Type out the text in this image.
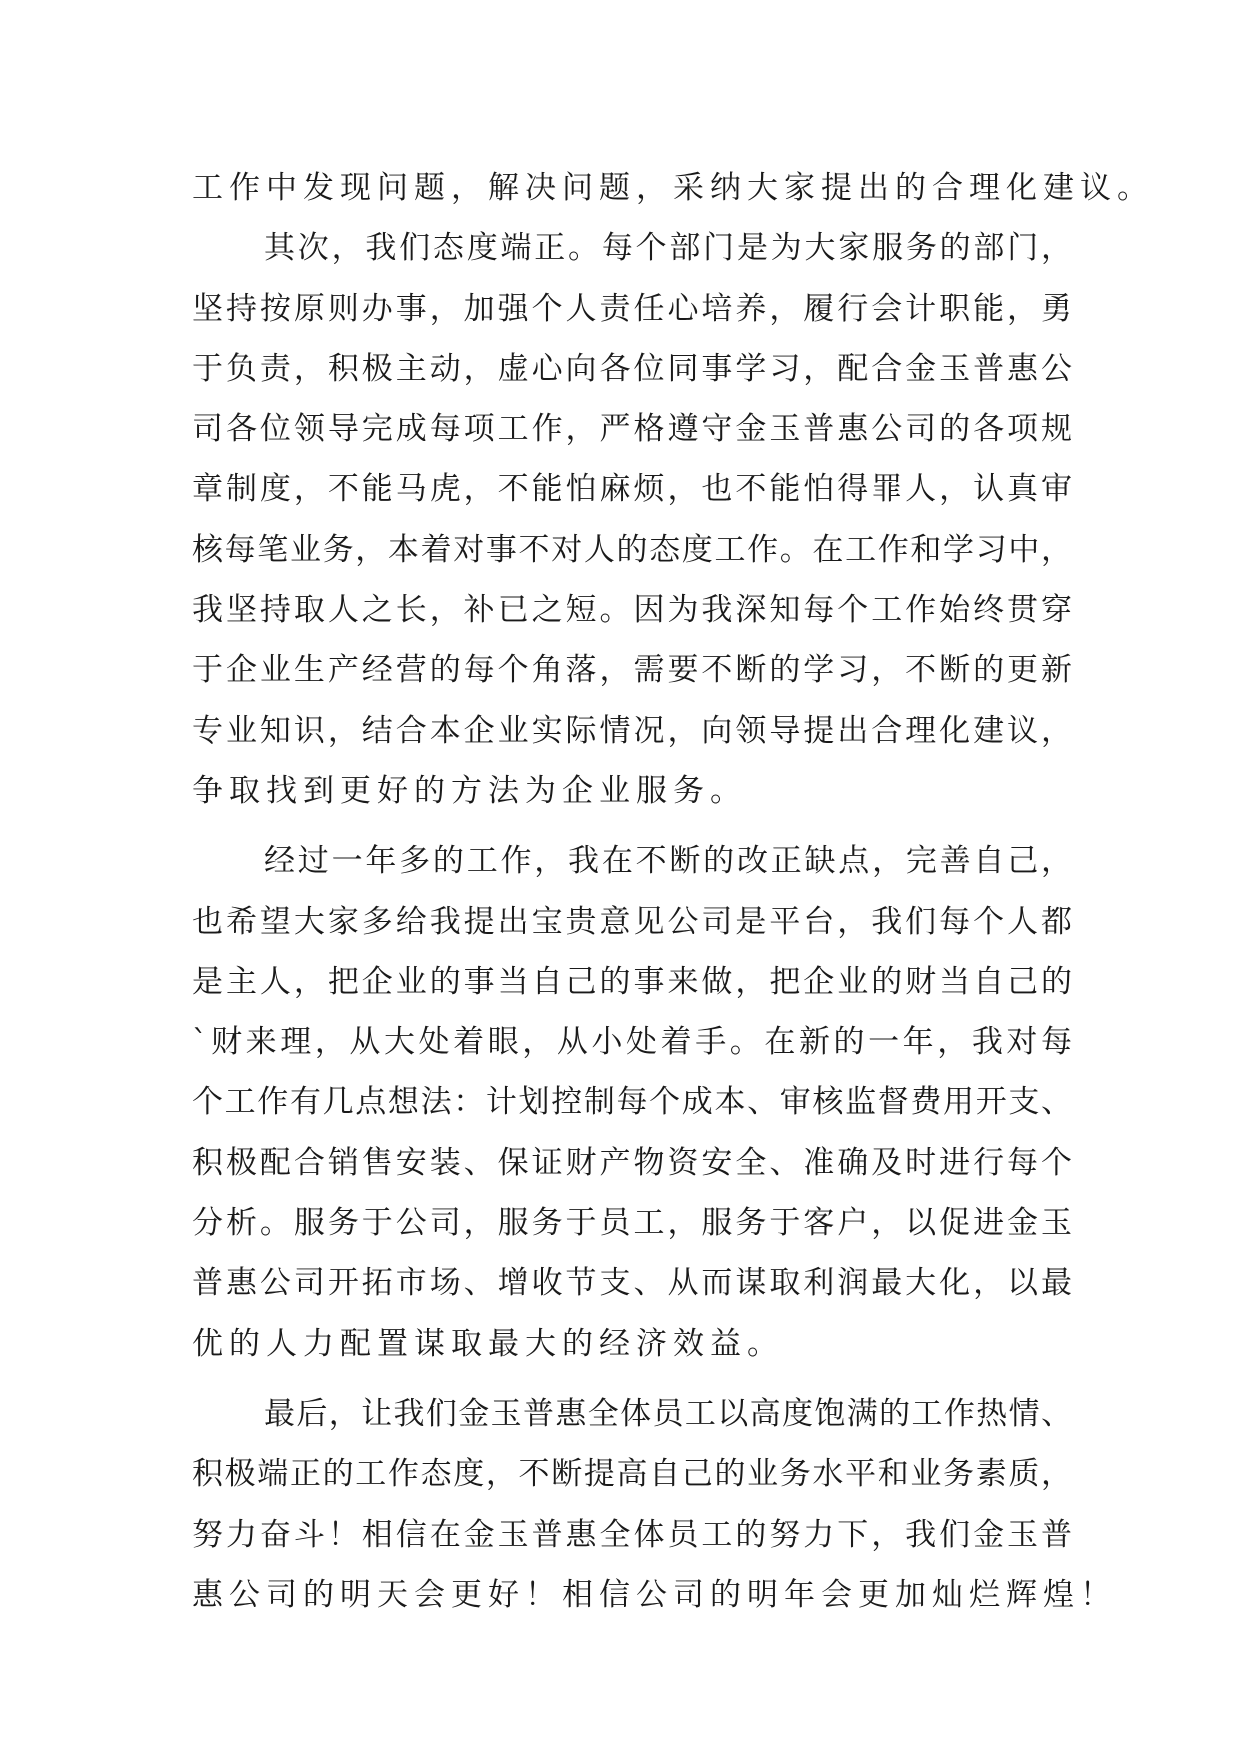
工作中发现问题，解决问题，采纳大家提出的合理化建议。
其次，我们态度端正。每个部门是为大家服务的部门，
坚持按原则办事，加强个人责任心培养，履行会计职能，勇
于负责，积极主动，虚心向各位同事学习，配合金玉普惠公
司各位领导完成每项工作，严格遵守金玉普惠公司的各项规
章制度，不能马虎，不能怕麻烦，也不能怕得罪人，认真审
核每笔业务，本着对事不对人的态度工作。在工作和学习中，
我坚持取人之长，补已之短。因为我深知每个工作始终贯穿
于企业生产经营的每个角落，需要不断的学习，不断的更新
专业知识，结合本企业实际情况，向领导提出合理化建议，
争取找到更好的方法为企业服务。
经过一年多的工作，我在不断的改正缺点，完善自己，
也希望大家多给我提出宝贵意见公司是平台，我们每个人都
是主人，把企业的事当自己的事来做，把企业的财当自己的
`财来理，从大处着眼，从小处着手。在新的一年，我对每
个工作有几点想法：计划控制每个成本、审核监督费用开支、
积极配合销售安装、保证财产物资安全、准确及时进行每个
分析。服务于公司，服务于员工，服务于客户，以促进金玉
普惠公司开拓市场、增收节支、从而谋取利润最大化，以最
优的人力配置谋取最大的经济效益。
最后，让我们金玉普惠全体员工以高度饱满的工作热情、
积极端正的工作态度，不断提高自己的业务水平和业务素质，
努力奋斗！相信在金玉普惠全体员工的努力下，我们金玉普
惠公司的明天会更好！相信公司的明年会更加灿烂辉煌！
